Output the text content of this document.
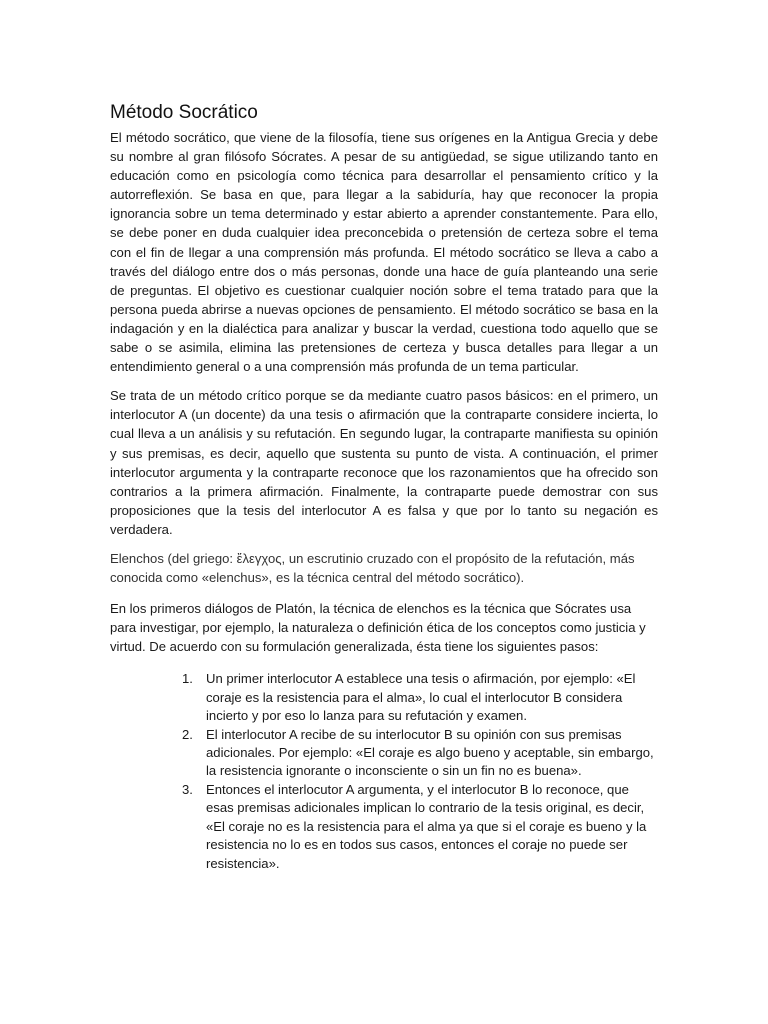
Método Socrático

El método socrático, que viene de la filosofía, tiene sus orígenes en la Antigua Grecia y debe su nombre al gran filósofo Sócrates. A pesar de su antigüedad, se sigue utilizando tanto en educación como en psicología como técnica para desarrollar el pensamiento crítico y la autorreflexión. Se basa en que, para llegar a la sabiduría, hay que reconocer la propia ignorancia sobre un tema determinado y estar abierto a aprender constantemente. Para ello, se debe poner en duda cualquier idea preconcebida o pretensión de certeza sobre el tema con el fin de llegar a una comprensión más profunda. El método socrático se lleva a cabo a través del diálogo entre dos o más personas, donde una hace de guía planteando una serie de preguntas. El objetivo es cuestionar cualquier noción sobre el tema tratado para que la persona pueda abrirse a nuevas opciones de pensamiento. El método socrático se basa en la indagación y en la dialéctica para analizar y buscar la verdad, cuestiona todo aquello que se sabe o se asimila, elimina las pretensiones de certeza y busca detalles para llegar a un entendimiento general o a una comprensión más profunda de un tema particular.

Se trata de un método crítico porque se da mediante cuatro pasos básicos: en el primero, un interlocutor A (un docente) da una tesis o afirmación que la contraparte considere incierta, lo cual lleva a un análisis y su refutación. En segundo lugar, la contraparte manifiesta su opinión y sus premisas, es decir, aquello que sustenta su punto de vista. A continuación, el primer interlocutor argumenta y la contraparte reconoce que los razonamientos que ha ofrecido son contrarios a la primera afirmación. Finalmente, la contraparte puede demostrar con sus proposiciones que la tesis del interlocutor A es falsa y que por lo tanto su negación es verdadera.

Elenchos (del griego: ἔλεγχος, un escrutinio cruzado con el propósito de la refutación, más conocida como «elenchus», es la técnica central del método socrático).

En los primeros diálogos de Platón, la técnica de elenchos es la técnica que Sócrates usa para investigar, por ejemplo, la naturaleza o definición ética de los conceptos como justicia y virtud. De acuerdo con su formulación generalizada, ésta tiene los siguientes pasos:

1. Un primer interlocutor A establece una tesis o afirmación, por ejemplo: «El coraje es la resistencia para el alma», lo cual el interlocutor B considera incierto y por eso lo lanza para su refutación y examen.
2. El interlocutor A recibe de su interlocutor B su opinión con sus premisas adicionales. Por ejemplo: «El coraje es algo bueno y aceptable, sin embargo, la resistencia ignorante o inconsciente o sin un fin no es buena».
3. Entonces el interlocutor A argumenta, y el interlocutor B lo reconoce, que esas premisas adicionales implican lo contrario de la tesis original, es decir, «El coraje no es la resistencia para el alma ya que si el coraje es bueno y la resistencia no lo es en todos sus casos, entonces el coraje no puede ser resistencia».
